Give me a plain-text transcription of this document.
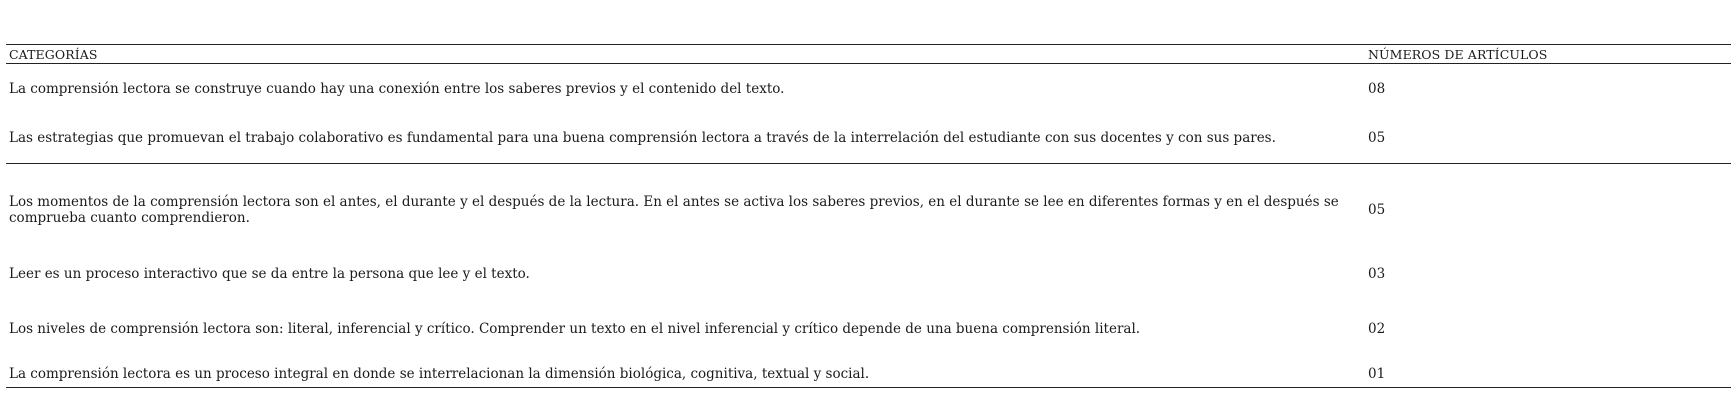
CATEGORÍAS	NÚMEROS DE ARTÍCULOS
La comprensión lectora se construye cuando hay una conexión entre los saberes previos y el contenido del texto.	08
Las estrategias que promuevan el trabajo colaborativo es fundamental para una buena comprensión lectora a través de la interrelación del estudiante con sus docentes y con sus pares.	05
Los momentos de la comprensión lectora son el antes, el durante y el después de la lectura. En el antes se activa los saberes previos, en el durante se lee en diferentes formas y en el después se comprueba cuanto comprendieron.	05
Leer es un proceso interactivo que se da entre la persona que lee y el texto.	03
Los niveles de comprensión lectora son: literal, inferencial y crítico. Comprender un texto en el nivel inferencial y crítico depende de una buena comprensión literal.	02
La comprensión lectora es un proceso integral en donde se interrelacionan la dimensión biológica, cognitiva, textual y social.	01
